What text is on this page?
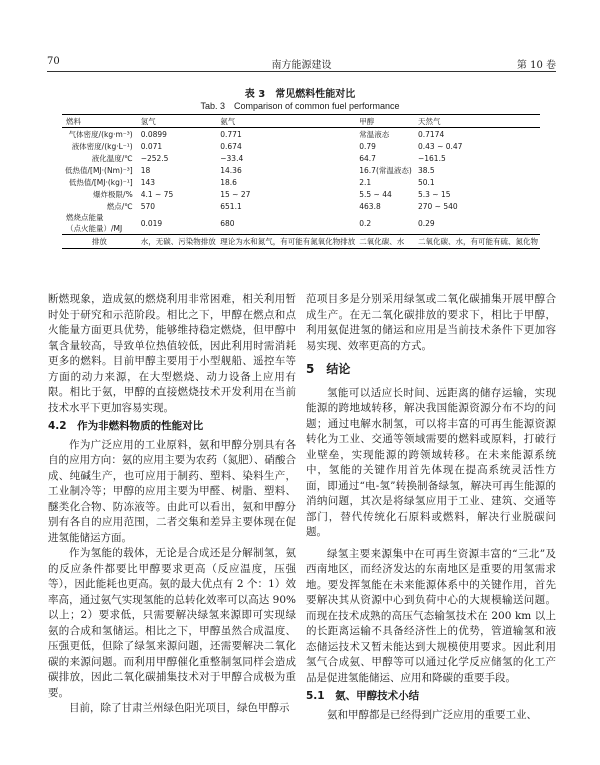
70	南方能源建设	第 10 卷
表 3　常见燃料性能对比
Tab. 3　Comparison of common fuel performance
燃料	氢气	氨气	甲醇	天然气
气体密度/(kg·m⁻³)	0.0899	0.771	常温液态	0.7174
液体密度/(kg·L⁻¹)	0.071	0.674	0.79	0.43 ~ 0.47
液化温度/℃	−252.5	−33.4	64.7	−161.5
低热值/[MJ·(Nm)⁻³]	18	14.36	16.7(常温液态)	38.5
低热值/[MJ·(kg)⁻¹]	143	18.6	2.1	50.1
爆炸极限/%	4.1 ~ 75	15 ~ 27	5.5 ~ 44	5.3 ~ 15
燃点/℃	570	651.1	463.8	270 ~ 540

燃烧点能量
（点火能量）/MJ	0.019	680	0.2	0.29
排放	水，无碳、污染物排放	理论为水和氮气，有可能有氮氧化物排放	二氧化碳、水	二氧化碳、水，有可能有硫、氮化物

断燃现象，造成氨的燃烧利用非常困难，相关利用暂时处于研究和示范阶段。相比之下，甲醇在燃点和点火能量方面更具优势，能够维持稳定燃烧，但甲醇中氧含量较高，导致单位热值较低，因此利用时需消耗更多的燃料。目前甲醇主要用于小型舰船、遥控车等方面的动力来源，在大型燃烧、动力设备上应用有限。相比于氨，甲醇的直接燃烧技术开发利用在当前技术水平下更加容易实现。

4.2　作为非燃料物质的性能对比

作为广泛应用的工业原料，氨和甲醇分别具有各自的应用方向：氨的应用主要为农药（氮肥）、硝酸合成、纯碱生产，也可应用于制药、塑料、染料生产，工业制冷等；甲醇的应用主要为甲醛、树脂、塑料、醚类化合物、防冻液等。由此可以看出，氨和甲醇分别有各自的应用范围，二者交集和差异主要体现在促进氢能储运方面。

作为氢能的载体，无论是合成还是分解制氢，氨的反应条件都要比甲醇要求更高（反应温度，压强等），因此能耗也更高。氨的最大优点有 2 个：1）效率高，通过氨气实现氢能的总转化效率可以高达 90% 以上；2）要求低，只需要解决绿氢来源即可实现绿氨的合成和氢储运。相比之下，甲醇虽然合成温度、压强更低，但除了绿氢来源问题，还需要解决二氧化碳的来源问题。而利用甲醇催化重整制氢同样会造成碳排放，因此二氧化碳捕集技术对于甲醇合成极为重要。

目前，除了甘肃兰州绿色阳光项目，绿色甲醇示

范项目多是分别采用绿氢或二氧化碳捕集开展甲醇合成生产。在无二氧化碳排放的要求下，相比于甲醇，利用氨促进氢的储运和应用是当前技术条件下更加容易实现、效率更高的方式。

5　结论

氢能可以适应长时间、远距离的储存运输，实现能源的跨地域转移，解决我国能源资源分布不均的问题；通过电解水制氢，可以将丰富的可再生能源资源转化为工业、交通等领域需要的燃料或原料，打破行业壁垒，实现能源的跨领域转移。在未来能源系统中，氢能的关键作用首先体现在提高系统灵活性方面，即通过“电-氢”转换制备绿氢，解决可再生能源的消纳问题，其次是将绿氢应用于工业、建筑、交通等部门，替代传统化石原料或燃料，解决行业脱碳问题。

绿氢主要来源集中在可再生资源丰富的“三北”及西南地区，而经济发达的东南地区是重要的用氢需求地。要发挥氢能在未来能源体系中的关键作用，首先要解决其从资源中心到负荷中心的大规模输送问题。而现在技术成熟的高压气态输氢技术在 200 km 以上的长距离运输不具备经济性上的优势，管道输氢和液态储运技术又暂未能达到大规模使用要求。因此利用氢气合成氨、甲醇等可以通过化学反应储氢的化工产品是促进氢能储运、应用和降碳的重要手段。

5.1　氨、甲醇技术小结

氨和甲醇都是已经得到广泛应用的重要工业、
